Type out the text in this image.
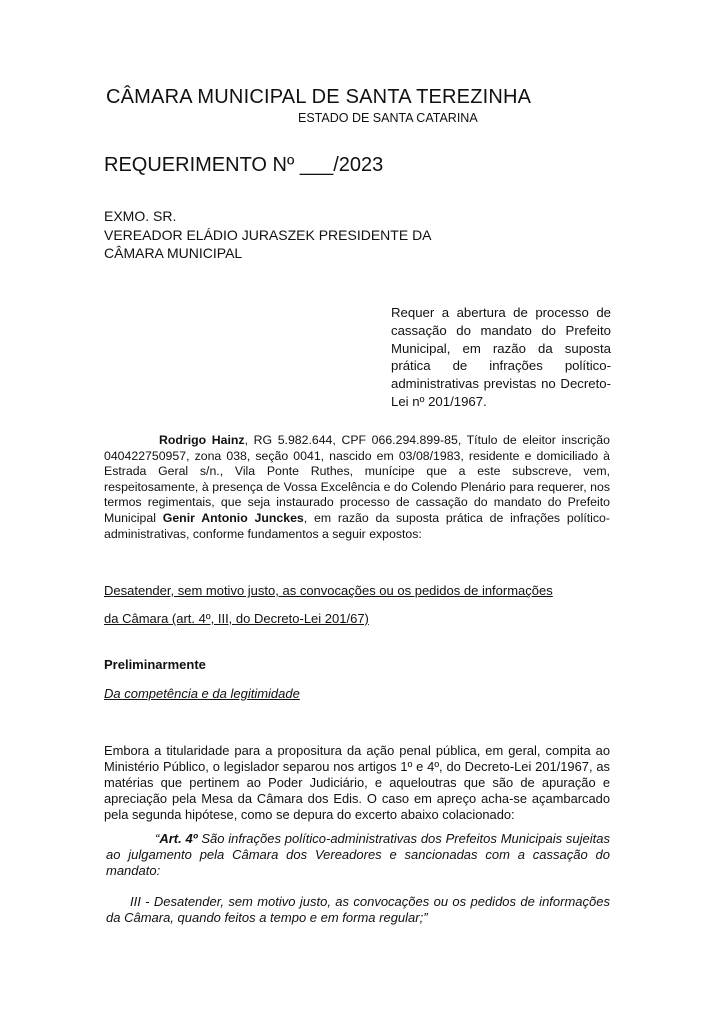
CÂMARA MUNICIPAL DE SANTA TEREZINHA
ESTADO DE SANTA CATARINA
REQUERIMENTO Nº ___/2023
EXMO. SR.
VEREADOR ELÁDIO JURASZEK PRESIDENTE DA
CÂMARA MUNICIPAL
Requer a abertura de processo de cassação do mandato do Prefeito Municipal, em razão da suposta prática de infrações político-administrativas previstas no Decreto-Lei nº 201/1967.
Rodrigo Hainz, RG 5.982.644, CPF 066.294.899-85, Título de eleitor inscrição 040422750957, zona 038, seção 0041, nascido em 03/08/1983, residente e domiciliado à Estrada Geral s/n., Vila Ponte Ruthes, munícipe que a este subscreve, vem, respeitosamente, à presença de Vossa Excelência e do Colendo Plenário para requerer, nos termos regimentais, que seja instaurado processo de cassação do mandato do Prefeito Municipal Genir Antonio Junckes, em razão da suposta prática de infrações político-administrativas, conforme fundamentos a seguir expostos:
Desatender, sem motivo justo, as convocações ou os pedidos de informações
da Câmara (art. 4º, III, do Decreto-Lei 201/67)
Preliminarmente
Da competência e da legitimidade
Embora a titularidade para a propositura da ação penal pública, em geral, compita ao Ministério Público, o legislador separou nos artigos 1º e 4º, do Decreto-Lei 201/1967, as matérias que pertinem ao Poder Judiciário, e aqueloutras que são de apuração e apreciação pela Mesa da Câmara dos Edis. O caso em apreço acha-se açambarcado pela segunda hipótese, como se depura do excerto abaixo colacionado:
“Art. 4º São infrações político-administrativas dos Prefeitos Municipais sujeitas ao julgamento pela Câmara dos Vereadores e sancionadas com a cassação do mandato:
III - Desatender, sem motivo justo, as convocações ou os pedidos de informações da Câmara, quando feitos a tempo e em forma regular;”
